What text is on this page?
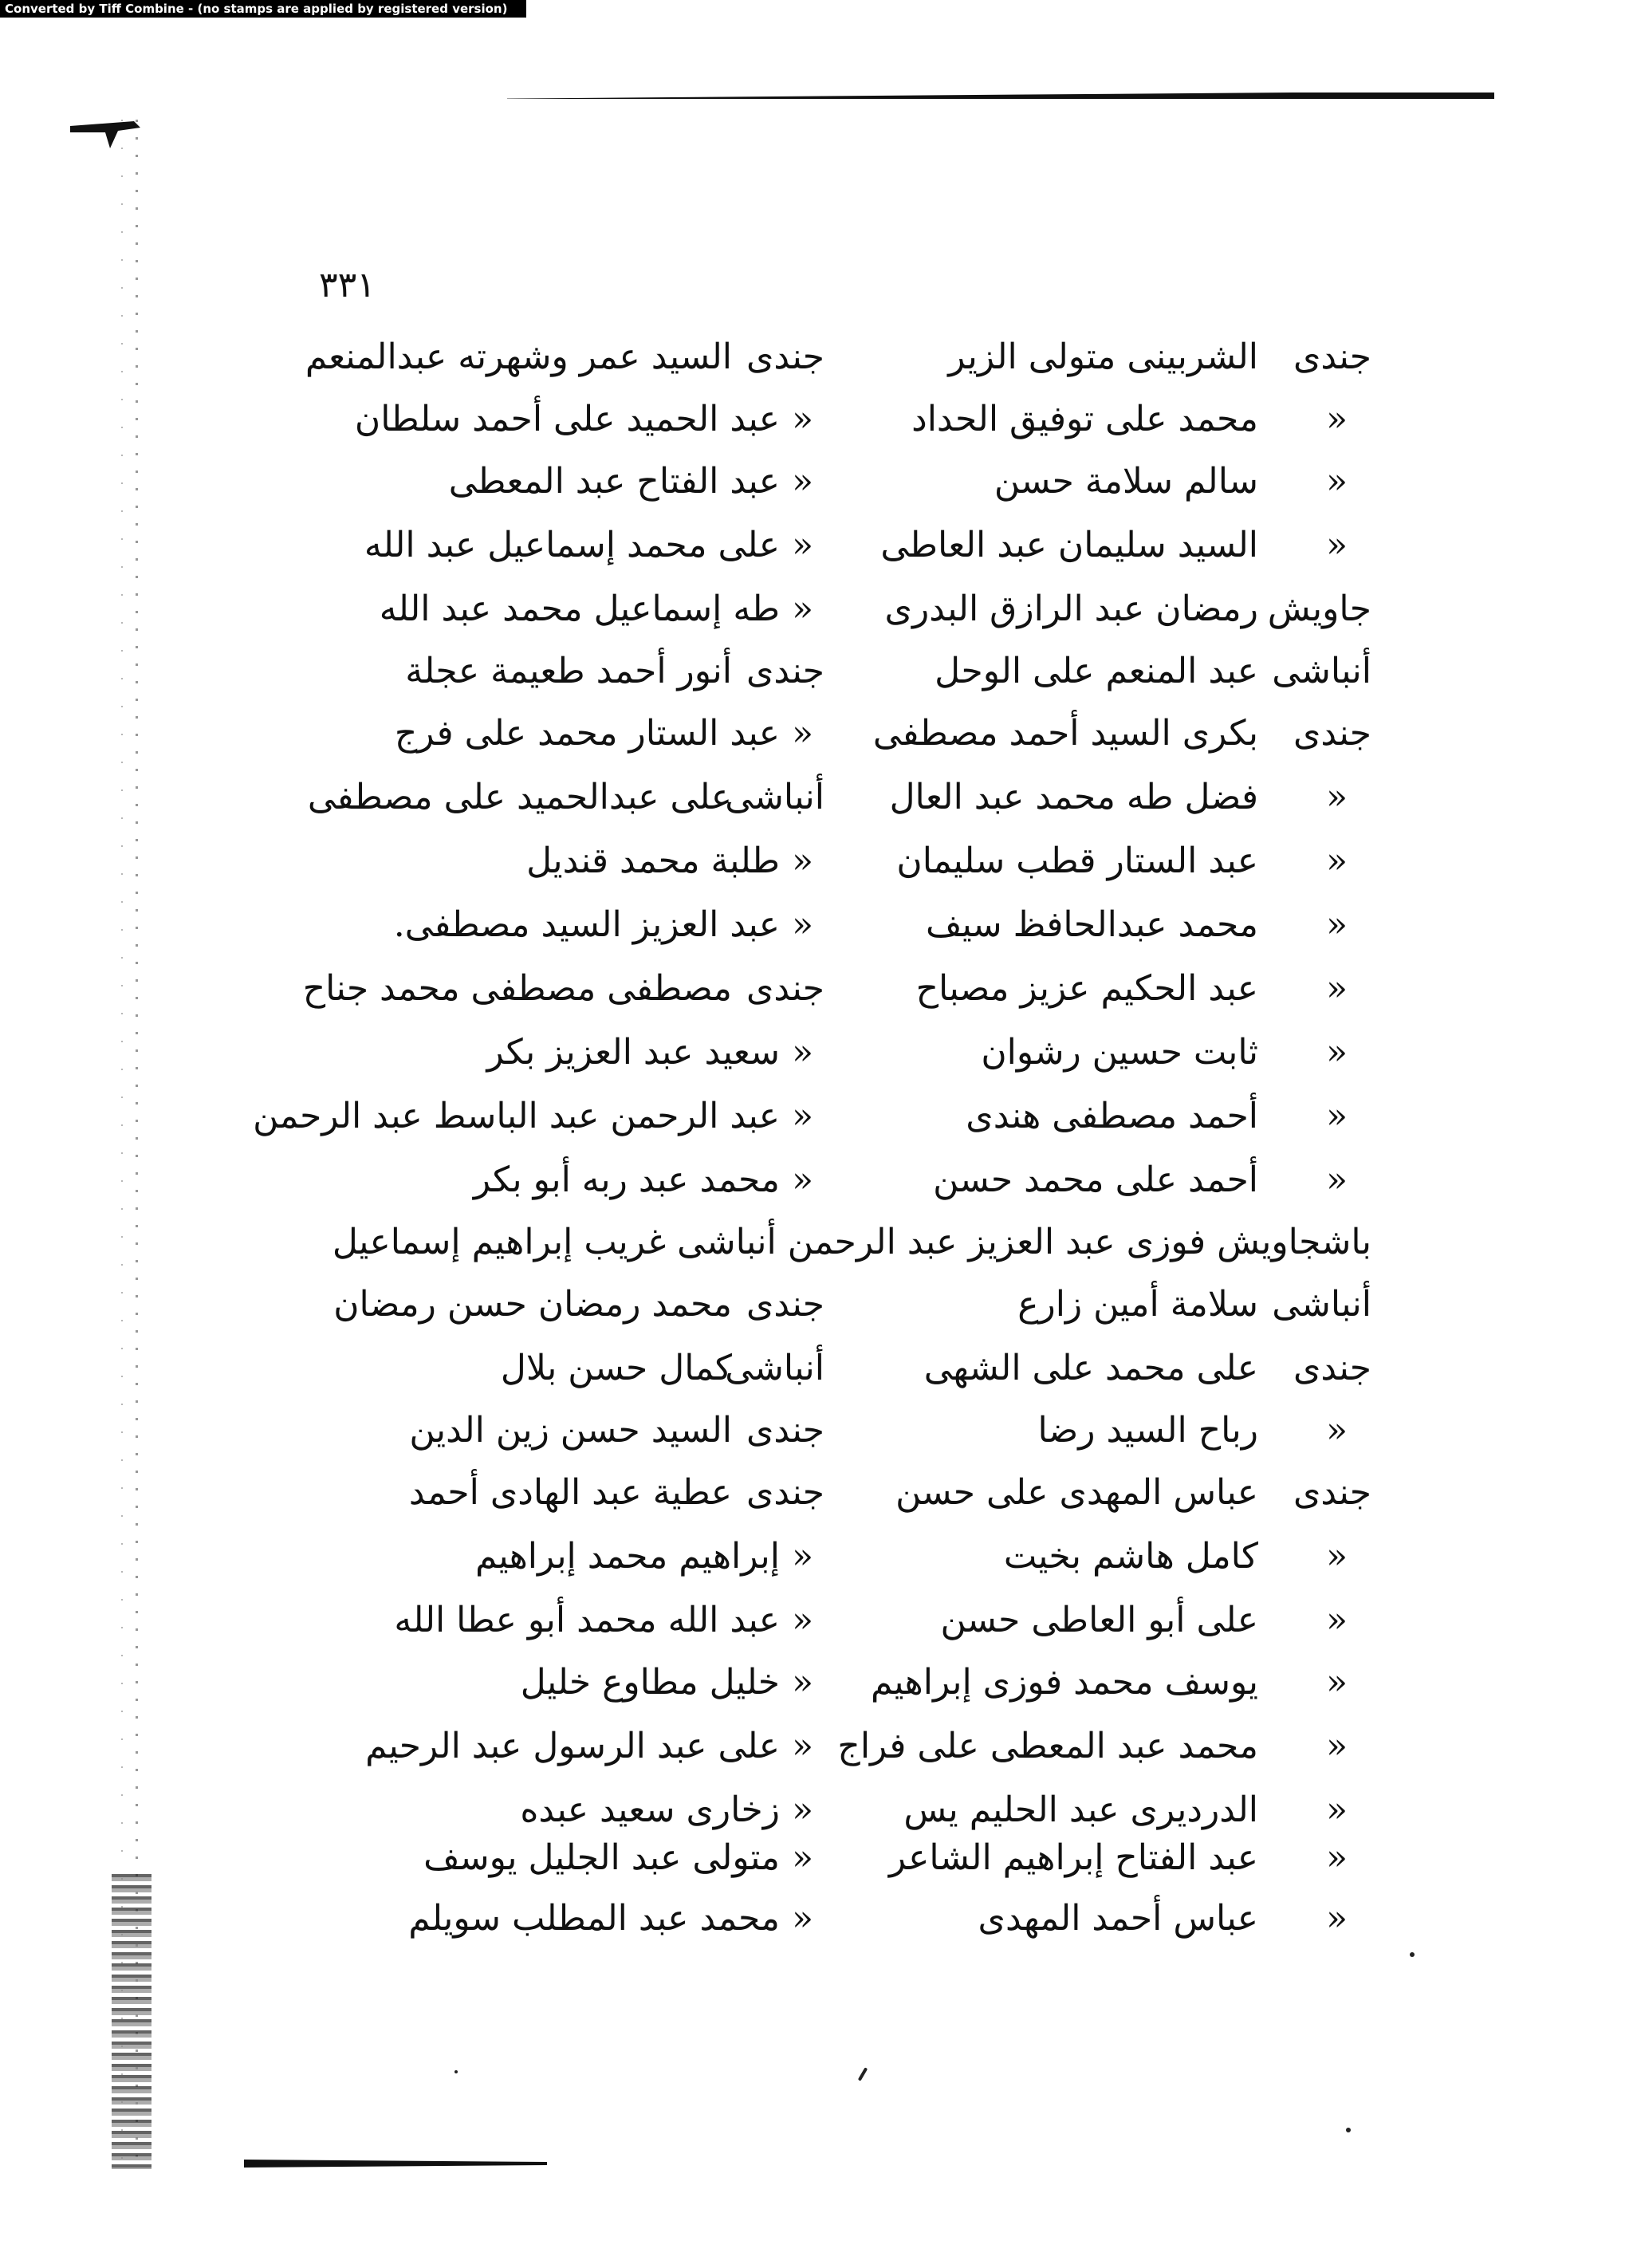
Converted by Tiff Combine - (no stamps are applied by registered version)
٣٣١
جندى
الشربينى متولى الزير
جندى
السيد عمر وشهرته عبدالمنعم
«
محمد على توفيق الحداد
«
عبد الحميد على أحمد سلطان
«
سالم سلامة حسن
«
عبد الفتاح عبد المعطى
«
السيد سليمان عبد العاطى
«
على محمد إسماعيل عبد الله
جاويش
رمضان عبد الرازق البدرى
«
طه إسماعيل محمد عبد الله
أنباشى
عبد المنعم على الوحل
جندى
أنور أحمد طعيمة عجلة
جندى
بكرى السيد أحمد مصطفى
«
عبد الستار محمد على فرج
«
فضل طه محمد عبد العال
أنباشى
على عبدالحميد على مصطفى
«
عبد الستار قطب سليمان
«
طلبة محمد قنديل
«
محمد عبدالحافظ سيف
«
عبد العزيز السيد مصطفى.
«
عبد الحكيم عزيز مصباح
جندى
مصطفى مصطفى محمد جناح
«
ثابت حسين رشوان
«
سعيد عبد العزيز بكر
«
أحمد مصطفى هندى
«
عبد الرحمن عبد الباسط عبد الرحمن
«
أحمد على محمد حسن
«
محمد عبد ربه أبو بكر
باشجاويش فوزى عبد العزيز عبد الرحمن أنباشى غريب إبراهيم إسماعيل
أنباشى
سلامة أمين زارع
جندى
محمد رمضان حسن رمضان
جندى
على محمد على الشهى
أنباشى
كمال حسن بلال
«
رباح السيد رضا
جندى
السيد حسن زين الدين
جندى
عباس المهدى على حسن
جندى
عطية عبد الهادى أحمد
«
كامل هاشم بخيت
«
إبراهيم محمد إبراهيم
«
على أبو العاطى حسن
«
عبد الله محمد أبو عطا الله
«
يوسف محمد فوزى إبراهيم
«
خليل مطاوع خليل
«
محمد عبد المعطى على فراج
«
على عبد الرسول عبد الرحيم
«
الدرديرى عبد الحليم يس
«
زخارى سعيد عبده
«
عبد الفتاح إبراهيم الشاعر
«
متولى عبد الجليل يوسف
«
عباس أحمد المهدى
«
محمد عبد المطلب سويلم
